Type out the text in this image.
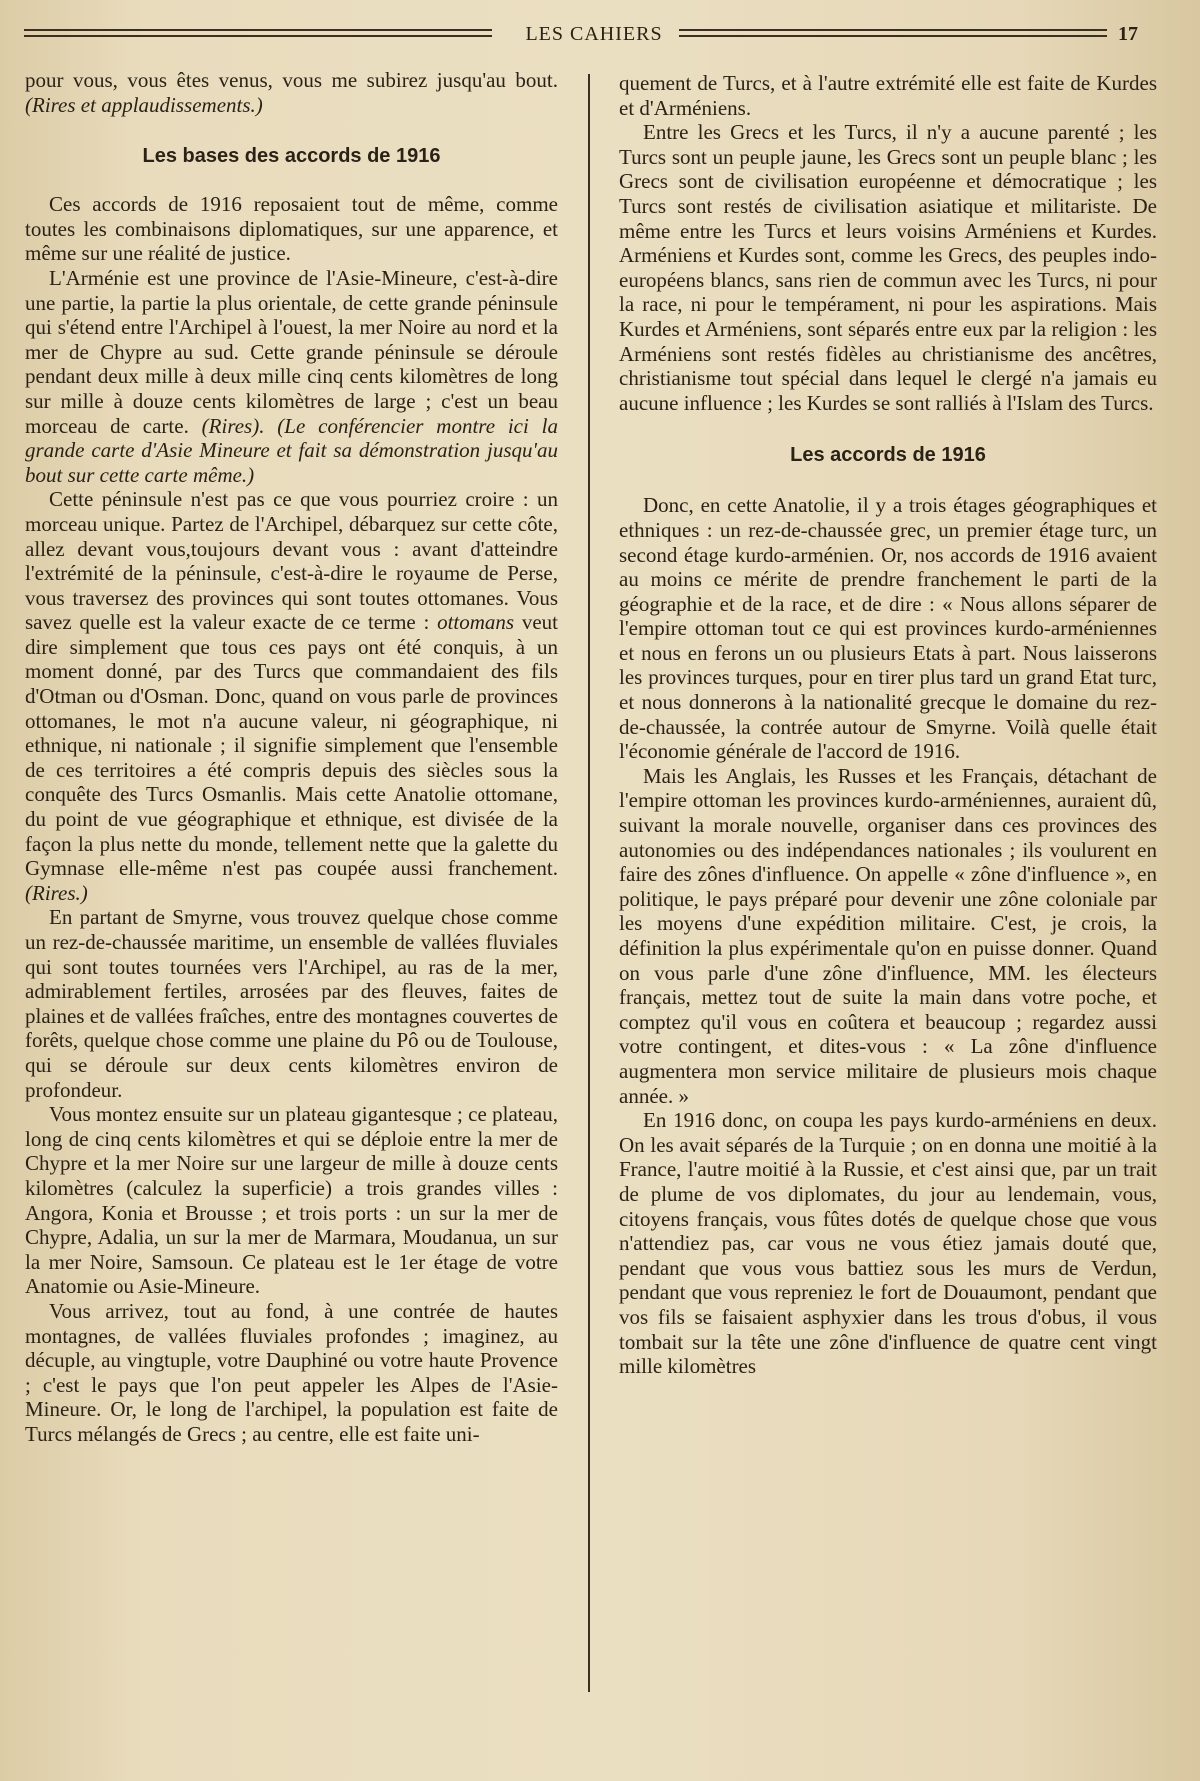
LES CAHIERS	17

pour vous, vous êtes venus, vous me subirez jusqu'au bout. (Rires et applaudissements.)

Les bases des accords de 1916

Ces accords de 1916 reposaient tout de même, comme toutes les combinaisons diplomatiques, sur une apparence, et même sur une réalité de justice.

L'Arménie est une province de l'Asie-Mineure, c'est-à-dire une partie, la partie la plus orientale, de cette grande péninsule qui s'étend entre l'Archipel à l'ouest, la mer Noire au nord et la mer de Chypre au sud. Cette grande péninsule se déroule pendant deux mille à deux mille cinq cents kilomètres de long sur mille à douze cents kilomètres de large ; c'est un beau morceau de carte. (Rires). (Le conférencier montre ici la grande carte d'Asie Mineure et fait sa démonstration jusqu'au bout sur cette carte même.)

Cette péninsule n'est pas ce que vous pourriez croire : un morceau unique. Partez de l'Archipel, débarquez sur cette côte, allez devant vous,toujours devant vous : avant d'atteindre l'extrémité de la péninsule, c'est-à-dire le royaume de Perse, vous traversez des provinces qui sont toutes ottomanes. Vous savez quelle est la valeur exacte de ce terme : ottomans veut dire simplement que tous ces pays ont été conquis, à un moment donné, par des Turcs que commandaient des fils d'Otman ou d'Osman. Donc, quand on vous parle de provinces ottomanes, le mot n'a aucune valeur, ni géographique, ni ethnique, ni nationale ; il signifie simplement que l'ensemble de ces territoires a été compris depuis des siècles sous la conquête des Turcs Osmanlis. Mais cette Anatolie ottomane, du point de vue géographique et ethnique, est divisée de la façon la plus nette du monde, tellement nette que la galette du Gymnase elle-même n'est pas coupée aussi franchement. (Rires.)

En partant de Smyrne, vous trouvez quelque chose comme un rez-de-chaussée maritime, un ensemble de vallées fluviales qui sont toutes tournées vers l'Archipel, au ras de la mer, admirablement fertiles, arrosées par des fleuves, faites de plaines et de vallées fraîches, entre des montagnes couvertes de forêts, quelque chose comme une plaine du Pô ou de Toulouse, qui se déroule sur deux cents kilomètres environ de profondeur.

Vous montez ensuite sur un plateau gigantesque ; ce plateau, long de cinq cents kilomètres et qui se déploie entre la mer de Chypre et la mer Noire sur une largeur de mille à douze cents kilomètres (calculez la superficie) a trois grandes villes : Angora, Konia et Brousse ; et trois ports : un sur la mer de Chypre, Adalia, un sur la mer de Marmara, Moudanua, un sur la mer Noire, Samsoun. Ce plateau est le 1er étage de votre Anatomie ou Asie-Mineure.

Vous arrivez, tout au fond, à une contrée de hautes montagnes, de vallées fluviales profondes ; imaginez, au décuple, au vingtuple, votre Dauphiné ou votre haute Provence ; c'est le pays que l'on peut appeler les Alpes de l'Asie-Mineure. Or, le long de l'archipel, la population est faite de Turcs mélangés de Grecs ; au centre, elle est faite uni-

quement de Turcs, et à l'autre extrémité elle est faite de Kurdes et d'Arméniens.

Entre les Grecs et les Turcs, il n'y a aucune parenté ; les Turcs sont un peuple jaune, les Grecs sont un peuple blanc ; les Grecs sont de civilisation européenne et démocratique ; les Turcs sont restés de civilisation asiatique et militariste. De même entre les Turcs et leurs voisins Arméniens et Kurdes. Arméniens et Kurdes sont, comme les Grecs, des peuples indo-européens blancs, sans rien de commun avec les Turcs, ni pour la race, ni pour le tempérament, ni pour les aspirations. Mais Kurdes et Arméniens, sont séparés entre eux par la religion : les Arméniens sont restés fidèles au christianisme des ancêtres, christianisme tout spécial dans lequel le clergé n'a jamais eu aucune influence ; les Kurdes se sont ralliés à l'Islam des Turcs.

Les accords de 1916

Donc, en cette Anatolie, il y a trois étages géographiques et ethniques : un rez-de-chaussée grec, un premier étage turc, un second étage kurdo-arménien. Or, nos accords de 1916 avaient au moins ce mérite de prendre franchement le parti de la géographie et de la race, et de dire : « Nous allons séparer de l'empire ottoman tout ce qui est provinces kurdo-arméniennes et nous en ferons un ou plusieurs Etats à part. Nous laisserons les provinces turques, pour en tirer plus tard un grand Etat turc, et nous donnerons à la nationalité grecque le domaine du rez-de-chaussée, la contrée autour de Smyrne. Voilà quelle était l'économie générale de l'accord de 1916.

Mais les Anglais, les Russes et les Français, détachant de l'empire ottoman les provinces kurdo-arméniennes, auraient dû, suivant la morale nouvelle, organiser dans ces provinces des autonomies ou des indépendances nationales ; ils voulurent en faire des zônes d'influence. On appelle « zône d'influence », en politique, le pays préparé pour devenir une zône coloniale par les moyens d'une expédition militaire. C'est, je crois, la définition la plus expérimentale qu'on en puisse donner. Quand on vous parle d'une zône d'influence, MM. les électeurs français, mettez tout de suite la main dans votre poche, et comptez qu'il vous en coûtera et beaucoup ; regardez aussi votre contingent, et dites-vous : « La zône d'influence augmentera mon service militaire de plusieurs mois chaque année. »

En 1916 donc, on coupa les pays kurdo-arméniens en deux. On les avait séparés de la Turquie ; on en donna une moitié à la France, l'autre moitié à la Russie, et c'est ainsi que, par un trait de plume de vos diplomates, du jour au lendemain, vous, citoyens français, vous fûtes dotés de quelque chose que vous n'attendiez pas, car vous ne vous étiez jamais douté que, pendant que vous vous battiez sous les murs de Verdun, pendant que vous repreniez le fort de Douaumont, pendant que vos fils se faisaient asphyxier dans les trous d'obus, il vous tombait sur la tête une zône d'influence de quatre cent vingt mille kilomètres
